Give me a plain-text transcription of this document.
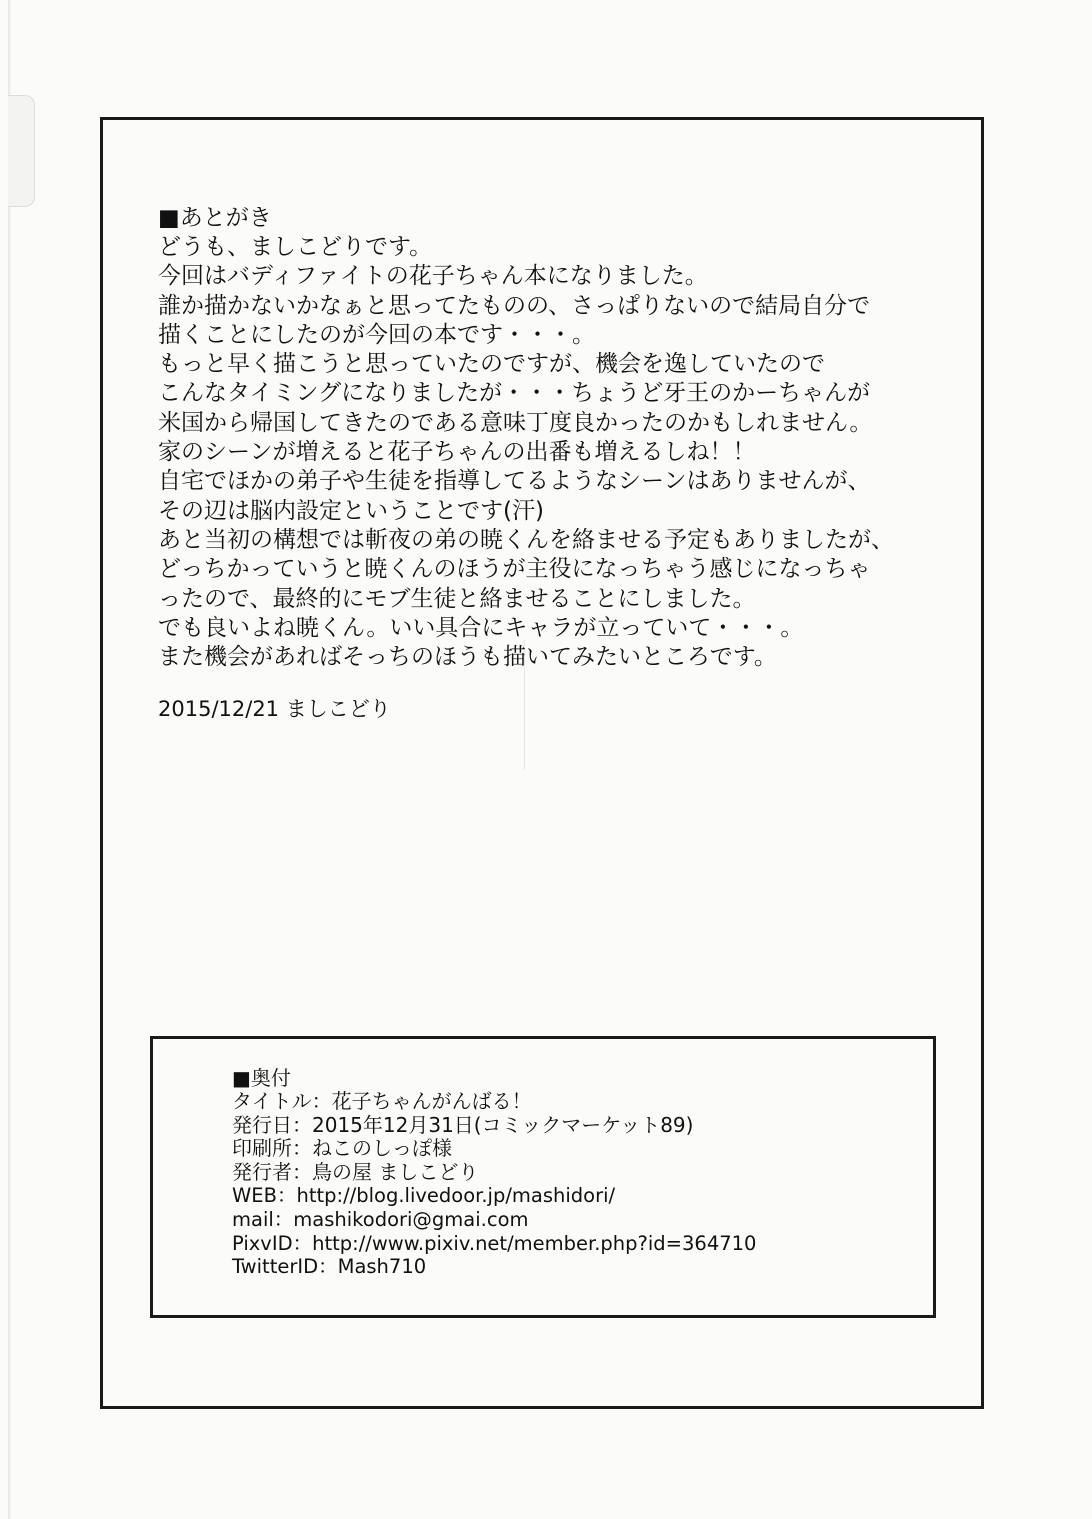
■あとがき

どうも、ましこどりです。

今回はバディファイトの花子ちゃん本になりました。

誰か描かないかなぁと思ってたものの、さっぱりないので結局自分で

描くことにしたのが今回の本です・・・。

もっと早く描こうと思っていたのですが、機会を逸していたので

こんなタイミングになりましたが・・・ちょうど牙王のかーちゃんが

米国から帰国してきたのである意味丁度良かったのかもしれません。

家のシーンが増えると花子ちゃんの出番も増えるしね！！

自宅でほかの弟子や生徒を指導してるようなシーンはありませんが、

その辺は脳内設定ということです(汗)

あと当初の構想では斬夜の弟の暁くんを絡ませる予定もありましたが、

どっちかっていうと暁くんのほうが主役になっちゃう感じになっちゃ

ったので、最終的にモブ生徒と絡ませることにしました。

でも良いよね暁くん。いい具合にキャラが立っていて・・・。

また機会があればそっちのほうも描いてみたいところです。

2015/12/21 ましこどり
■奥付

タイトル：花子ちゃんがんばる！

発行日：2015年12月31日(コミックマーケット89)

印刷所：ねこのしっぽ様

発行者：鳥の屋 ましこどり

WEB：http://blog.livedoor.jp/mashidori/

mail：mashikodori@gmai.com

PixvID：http://www.pixiv.net/member.php?id=364710

TwitterID：Mash710
